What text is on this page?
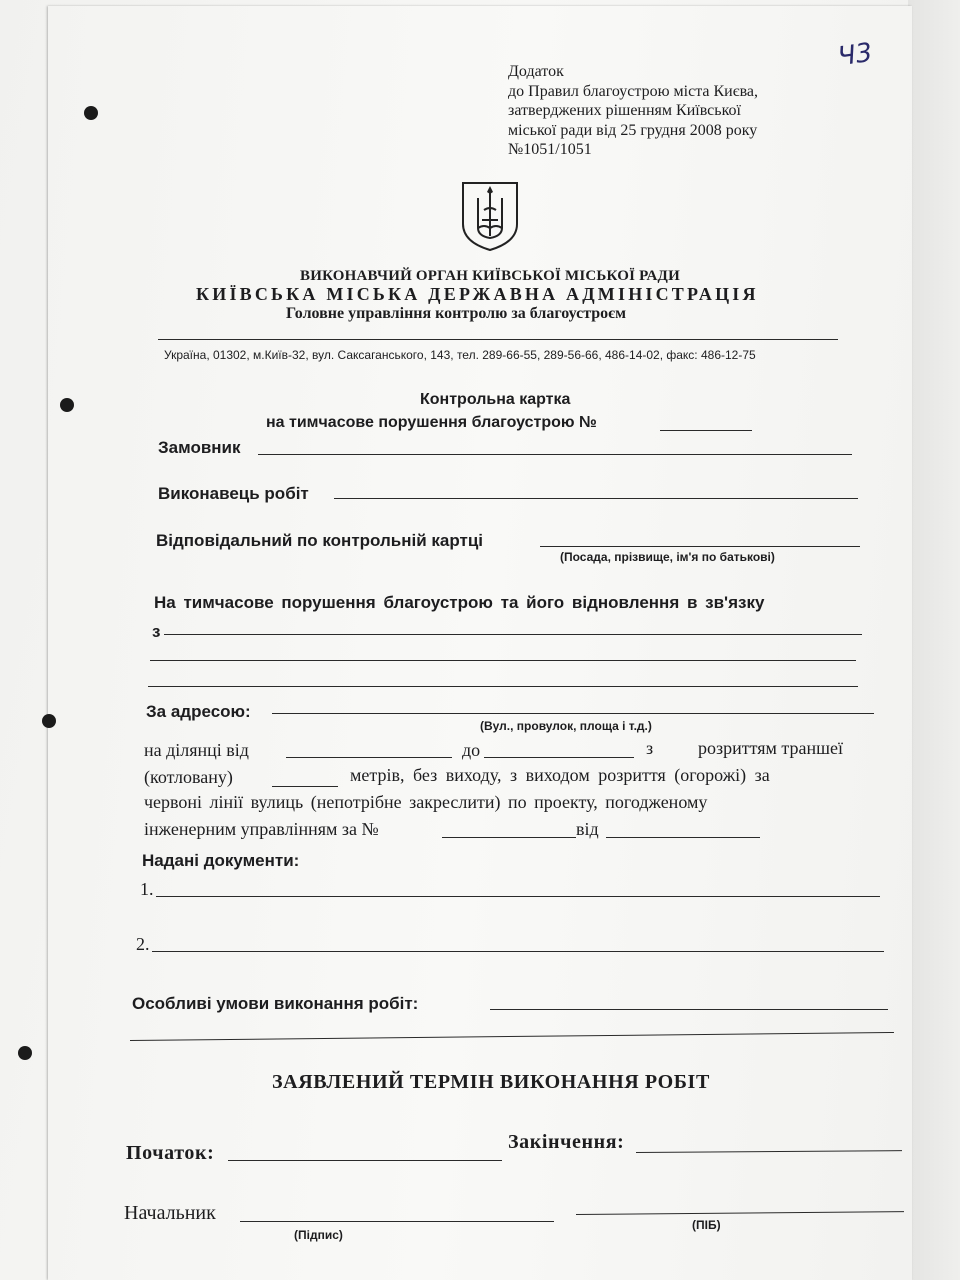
Ч3
Додаток
до Правил благоустрою міста Києва,
затверджених рішенням Київської
міської ради від 25 грудня 2008 року
№1051/1051
ВИКОНАВЧИЙ ОРГАН КИЇВСЬКОЇ МІСЬКОЇ РАДИ
КИЇВСЬКА МІСЬКА ДЕРЖАВНА АДМІНІСТРАЦІЯ
Головне управління контролю за благоустроєм
Україна, 01302, м.Київ-32, вул. Саксаганського, 143, тел. 289-66-55, 289-56-66, 486-14-02, факс: 486-12-75
Контрольна картка
на тимчасове порушення благоустрою №
Замовник
Виконавець робіт
Відповідальний по контрольній картці
(Посада, прізвище, ім'я по батькові)
На тимчасове порушення благоустрою та його відновлення в зв'язку
з
За адресою:
(Вул., провулок, площа і т.д.)
на ділянці від	до	з розриттям траншеї
(котловану)	метрів, без виходу, з виходом розриття (огорожі) за
червоні лінії вулиць (непотрібне закреслити) по проекту, погодженому
інженерним управлінням за №	від
Надані документи:
1.
2.
Особливі умови виконання робіт:
ЗАЯВЛЕНИЙ ТЕРМІН ВИКОНАННЯ РОБІТ
Початок:	Закінчення:
Начальник
(Підпис)
(ПІБ)
